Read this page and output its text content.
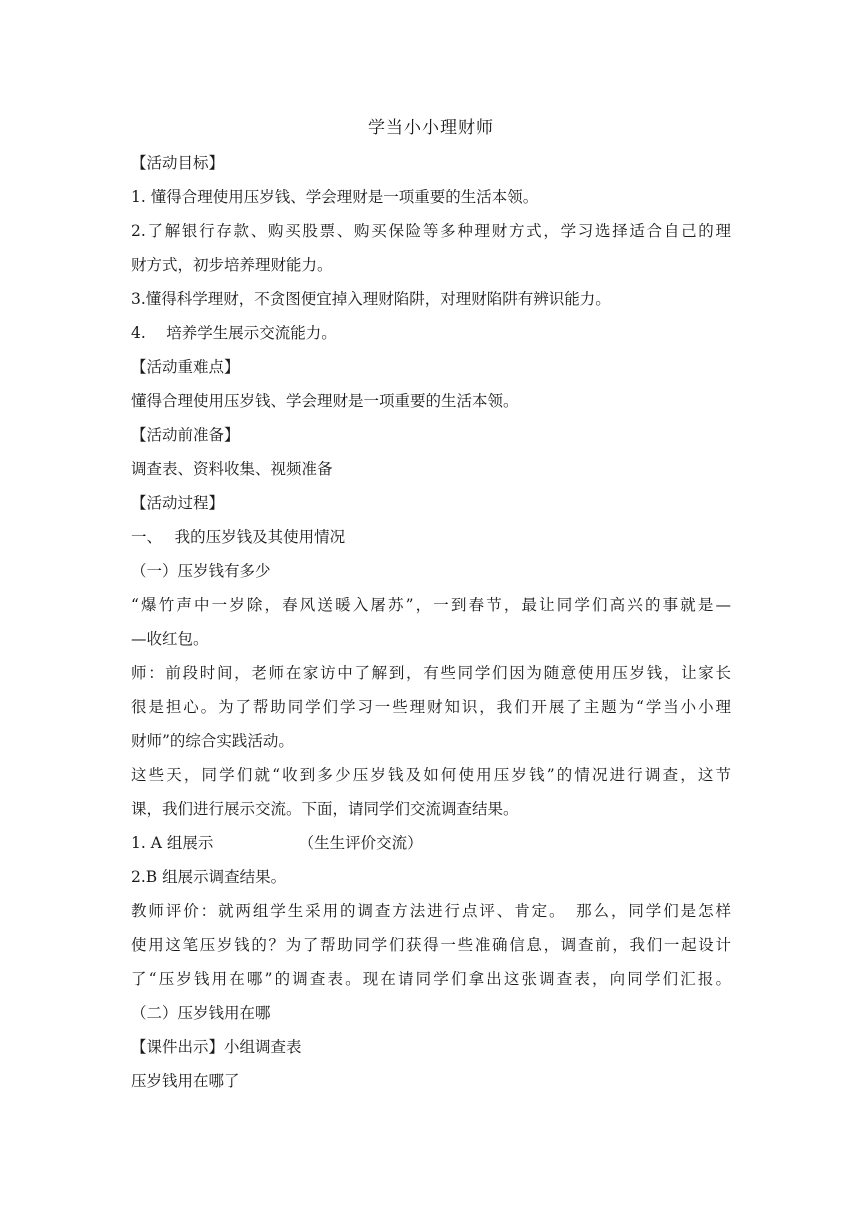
学当小小理财师
【活动目标】
1. 懂得合理使用压岁钱、学会理财是一项重要的生活本领。
2.了解银行存款、购买股票、购买保险等多种理财方式，学习选择适合自己的理
财方式，初步培养理财能力。
3.懂得科学理财，不贪图便宜掉入理财陷阱，对理财陷阱有辨识能力。
4.　 培养学生展示交流能力。
【活动重难点】
懂得合理使用压岁钱、学会理财是一项重要的生活本领。
【活动前准备】
调查表、资料收集、视频准备
【活动过程】
一、　 我的压岁钱及其使用情况
（一）压岁钱有多少
“爆竹声中一岁除，春风送暖入屠苏”，一到春节，最让同学们高兴的事就是—
—收红包。
师：前段时间，老师在家访中了解到，有些同学们因为随意使用压岁钱，让家长
很是担心。为了帮助同学们学习一些理财知识，我们开展了主题为“学当小小理
财师”的综合实践活动。
这些天，同学们就“收到多少压岁钱及如何使用压岁钱”的情况进行调查，这节
课，我们进行展示交流。下面，请同学们交流调查结果。
1. A 组展示　　　　　　（生生评价交流）
2.B 组展示调查结果。
教师评价：就两组学生采用的调查方法进行点评、肯定。　那么，同学们是怎样
使用这笔压岁钱的？为了帮助同学们获得一些准确信息，调查前，我们一起设计
了“压岁钱用在哪”的调查表。现在请同学们拿出这张调查表，向同学们汇报。
（二）压岁钱用在哪
【课件出示】小组调查表
压岁钱用在哪了
